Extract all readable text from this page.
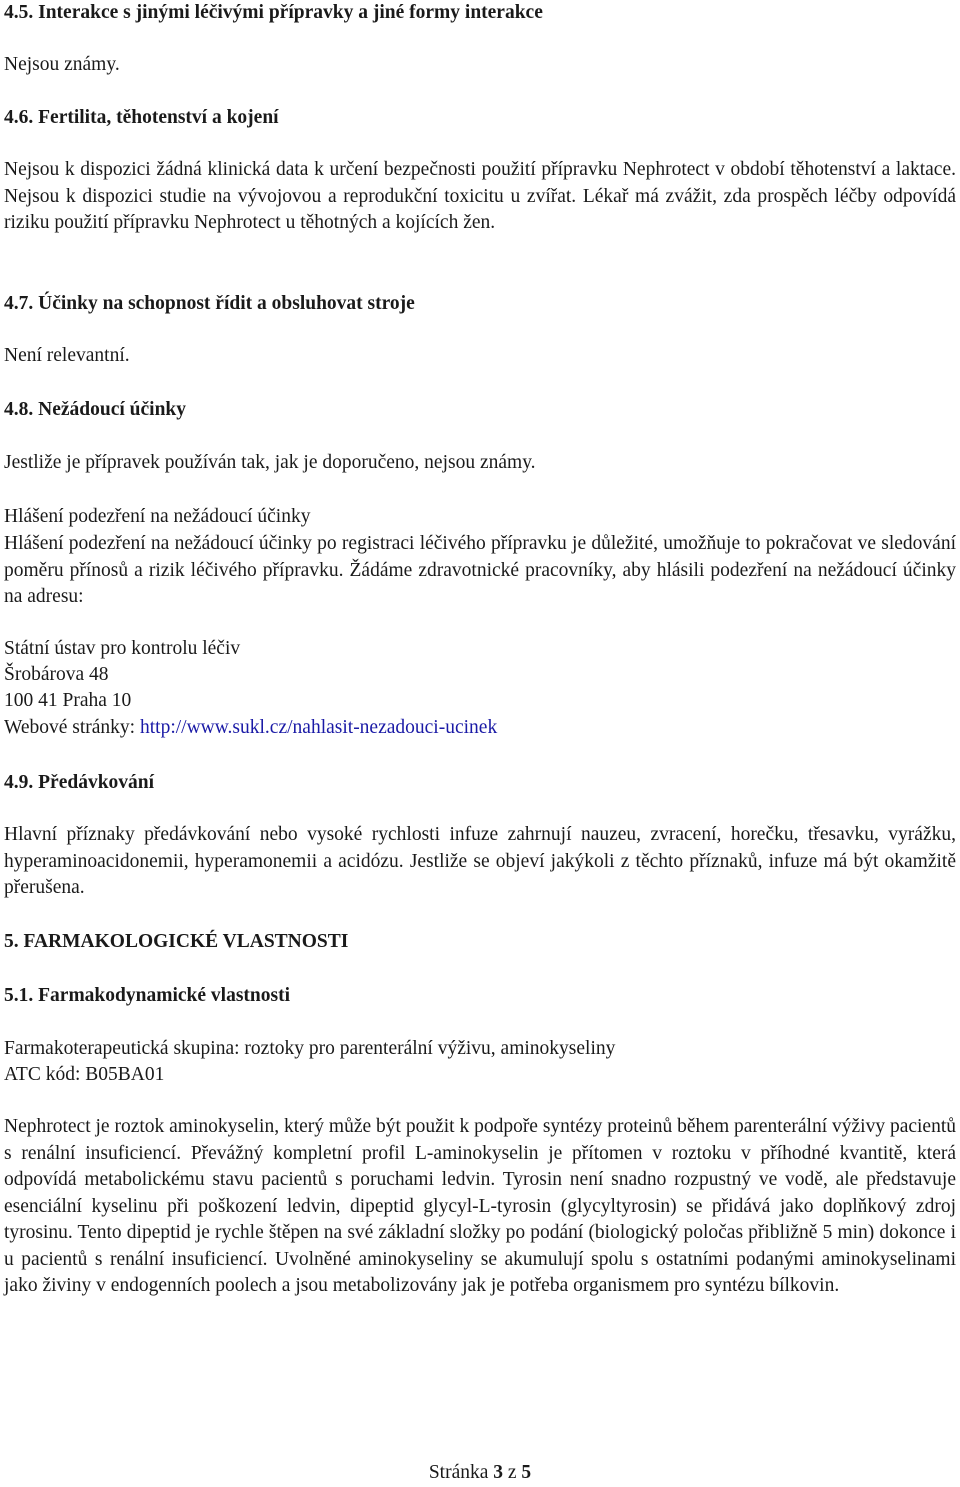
4.5. Interakce s jinými léčivými přípravky a jiné formy interakce
Nejsou známy.
4.6. Fertilita, těhotenství a kojení
Nejsou k dispozici žádná klinická data k určení bezpečnosti použití přípravku Nephrotect v období těhotenství a laktace. Nejsou k dispozici studie na vývojovou a reprodukční toxicitu u zvířat. Lékař má zvážit, zda prospěch léčby odpovídá riziku použití přípravku Nephrotect u těhotných a kojících žen.
4.7. Účinky na schopnost řídit a obsluhovat stroje
Není relevantní.
4.8. Nežádoucí účinky
Jestliže je přípravek používán tak, jak je doporučeno, nejsou známy.
Hlášení podezření na nežádoucí účinky
Hlášení podezření na nežádoucí účinky po registraci léčivého přípravku je důležité, umožňuje to pokračovat ve sledování poměru přínosů a rizik léčivého přípravku. Žádáme zdravotnické pracovníky, aby hlásili podezření na nežádoucí účinky na adresu:
Státní ústav pro kontrolu léčiv
Šrobárova 48
100 41 Praha 10
Webové stránky: http://www.sukl.cz/nahlasit-nezadouci-ucinek
4.9. Předávkování
Hlavní příznaky předávkování nebo vysoké rychlosti infuze zahrnují nauzeu, zvracení, horečku, třesavku, vyrážku, hyperaminoacidonemii, hyperamonemii a acidózu. Jestliže se objeví jakýkoli z těchto příznaků, infuze má být okamžitě přerušena.
5. FARMAKOLOGICKÉ VLASTNOSTI
5.1. Farmakodynamické vlastnosti
Farmakoterapeutická skupina: roztoky pro parenterální výživu, aminokyseliny
ATC kód: B05BA01
Nephrotect je roztok aminokyselin, který může být použit k podpoře syntézy proteinů během parenterální výživy pacientů s renální insuficiencí. Převážný kompletní profil L-aminokyselin je přítomen v roztoku v příhodné kvantitě, která odpovídá metabolickému stavu pacientů s poruchami ledvin. Tyrosin není snadno rozpustný ve vodě, ale představuje esenciální kyselinu při poškození ledvin, dipeptid glycyl-L-tyrosin (glycyltyrosin) se přidává jako doplňkový zdroj tyrosinu. Tento dipeptid je rychle štěpen na své základní složky po podání (biologický poločas přibližně 5 min) dokonce i u pacientů s renální insuficiencí. Uvolněné aminokyseliny se akumulují spolu s ostatními podanými aminokyselinami jako živiny v endogenních poolech a jsou metabolizovány jak je potřeba organismem pro syntézu bílkovin.
Stránka 3 z 5
